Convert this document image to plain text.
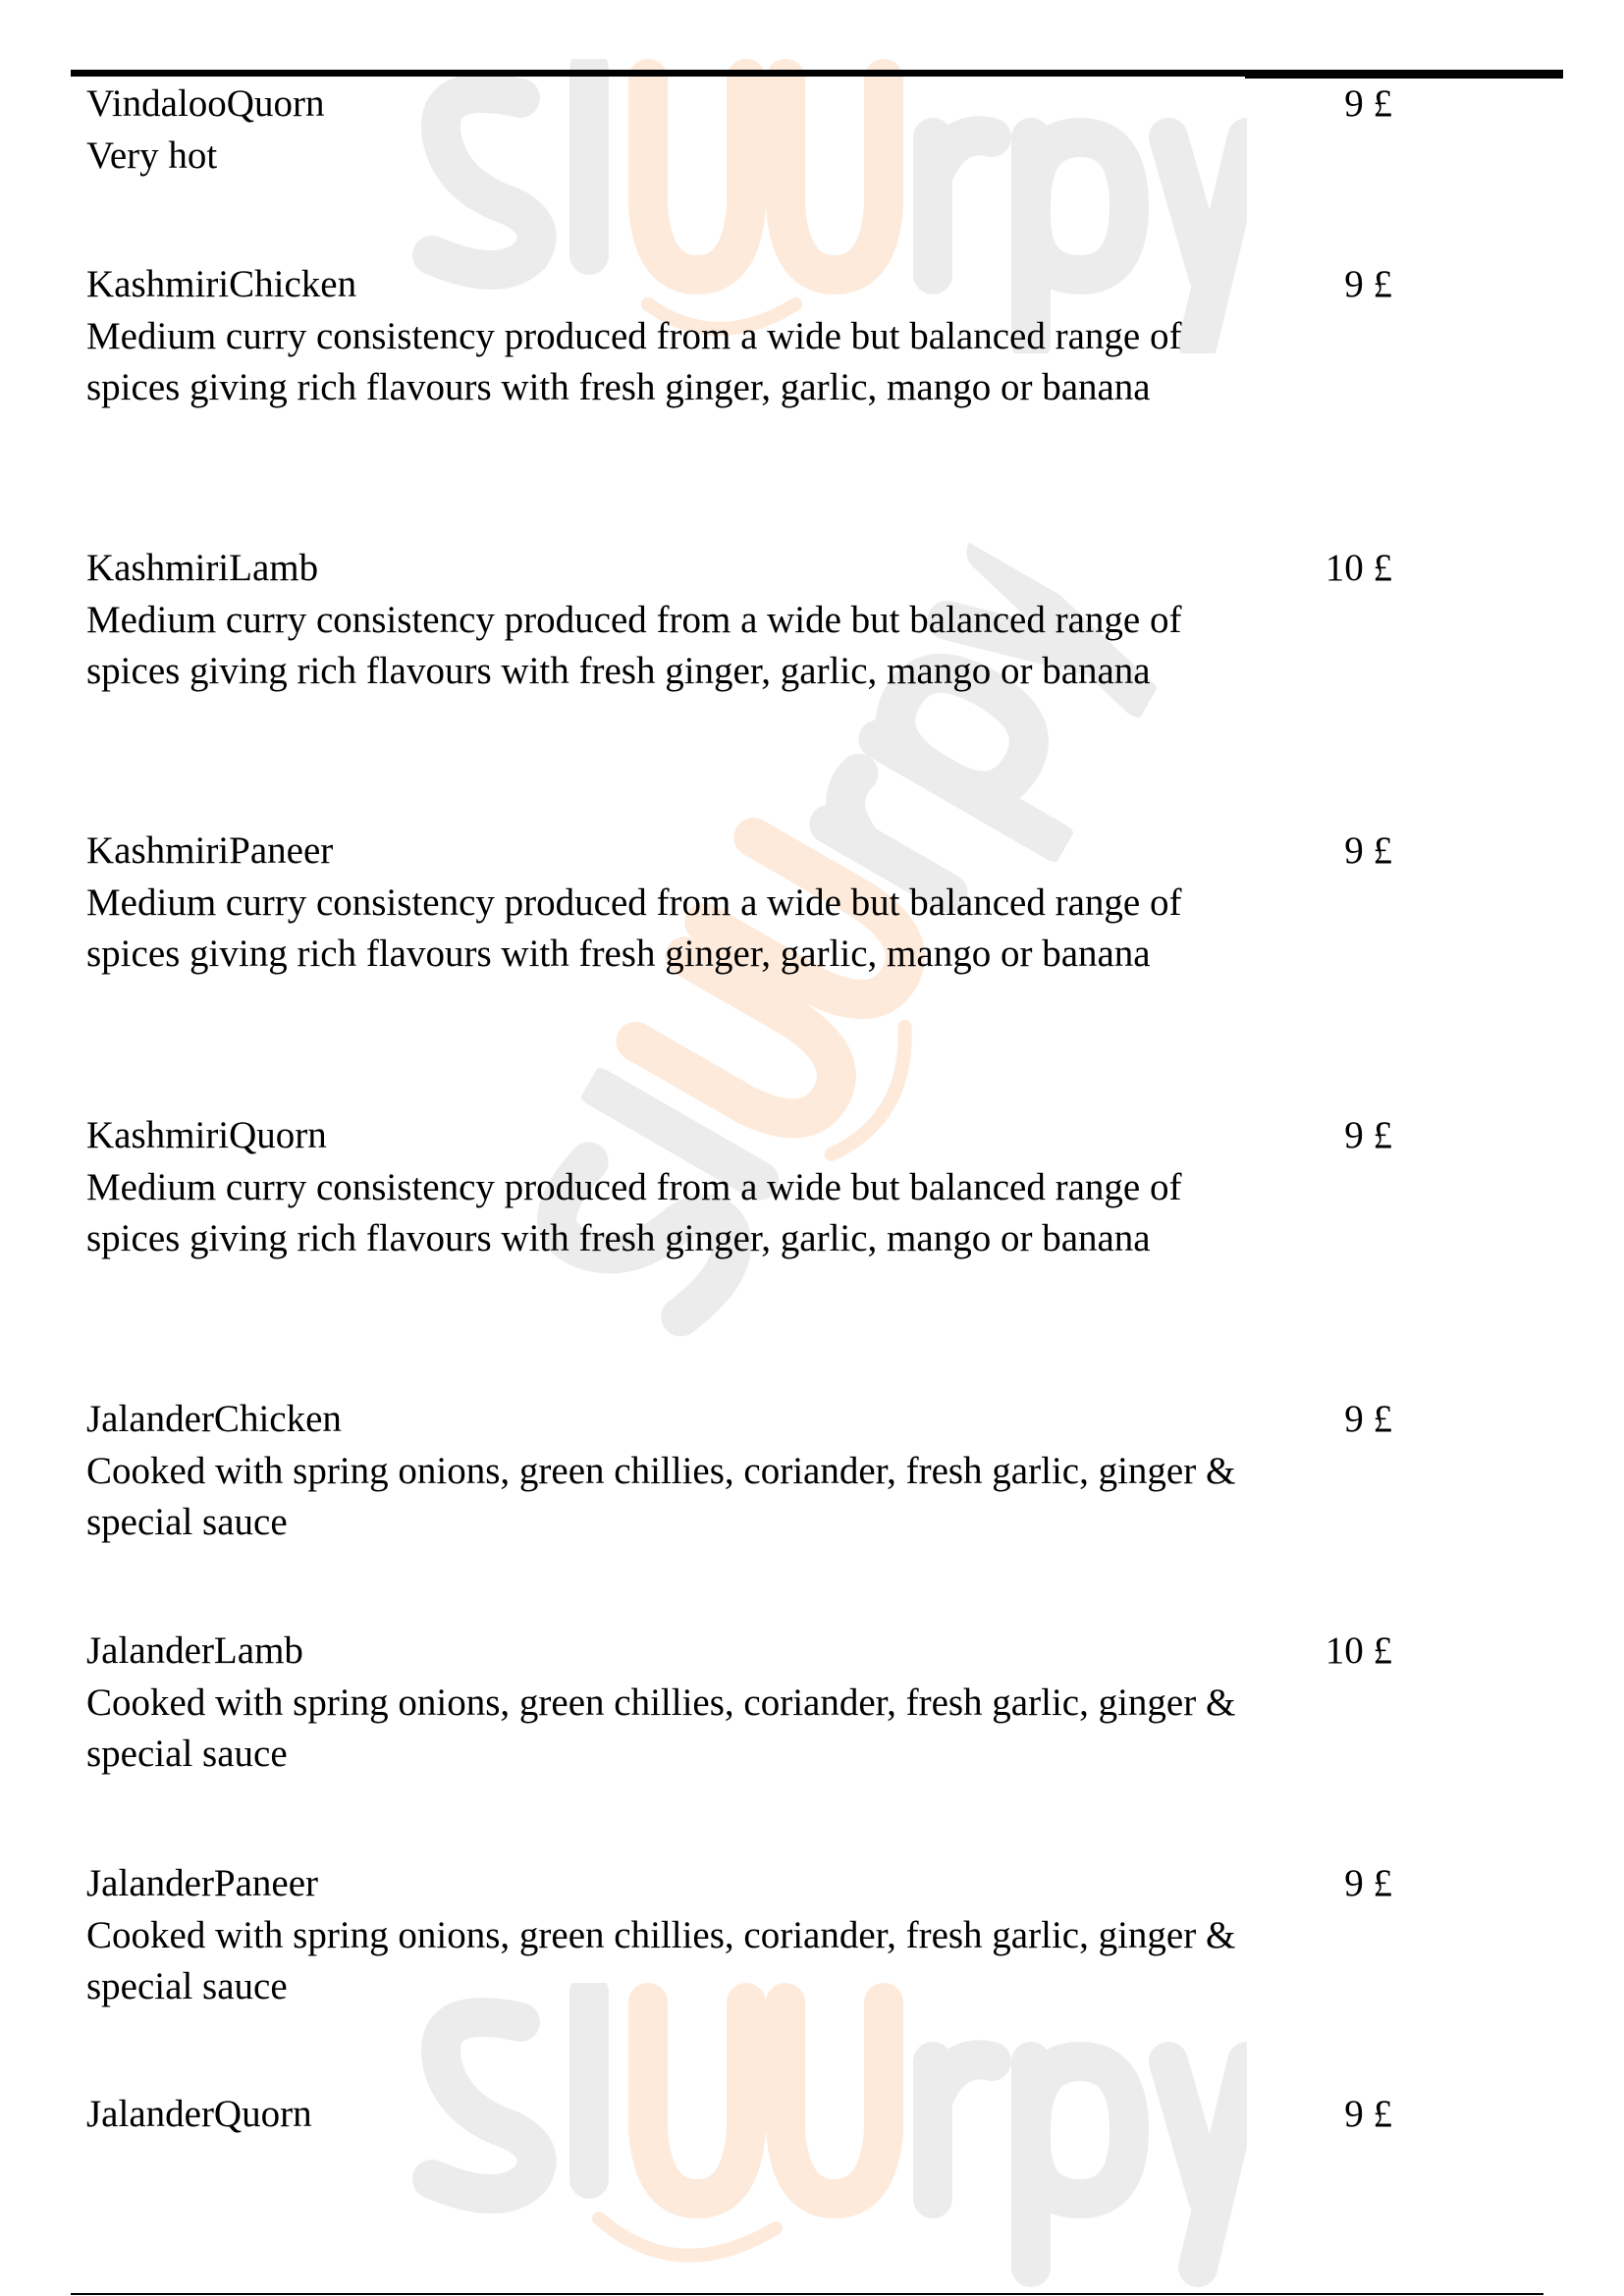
VindalooQuorn
Very hot
9 £
KashmiriChicken
Medium curry consistency produced from a wide but balanced range of spices giving rich flavours with fresh ginger, garlic, mango or banana
9 £
KashmiriLamb
Medium curry consistency produced from a wide but balanced range of spices giving rich flavours with fresh ginger, garlic, mango or banana
10 £
KashmiriPaneer
Medium curry consistency produced from a wide but balanced range of spices giving rich flavours with fresh ginger, garlic, mango or banana
9 £
KashmiriQuorn
Medium curry consistency produced from a wide but balanced range of spices giving rich flavours with fresh ginger, garlic, mango or banana
9 £
JalanderChicken
Cooked with spring onions, green chillies, coriander, fresh garlic, ginger & special sauce
9 £
JalanderLamb
Cooked with spring onions, green chillies, coriander, fresh garlic, ginger & special sauce
10 £
JalanderPaneer
Cooked with spring onions, green chillies, coriander, fresh garlic, ginger & special sauce
9 £
JalanderQuorn	9 £
